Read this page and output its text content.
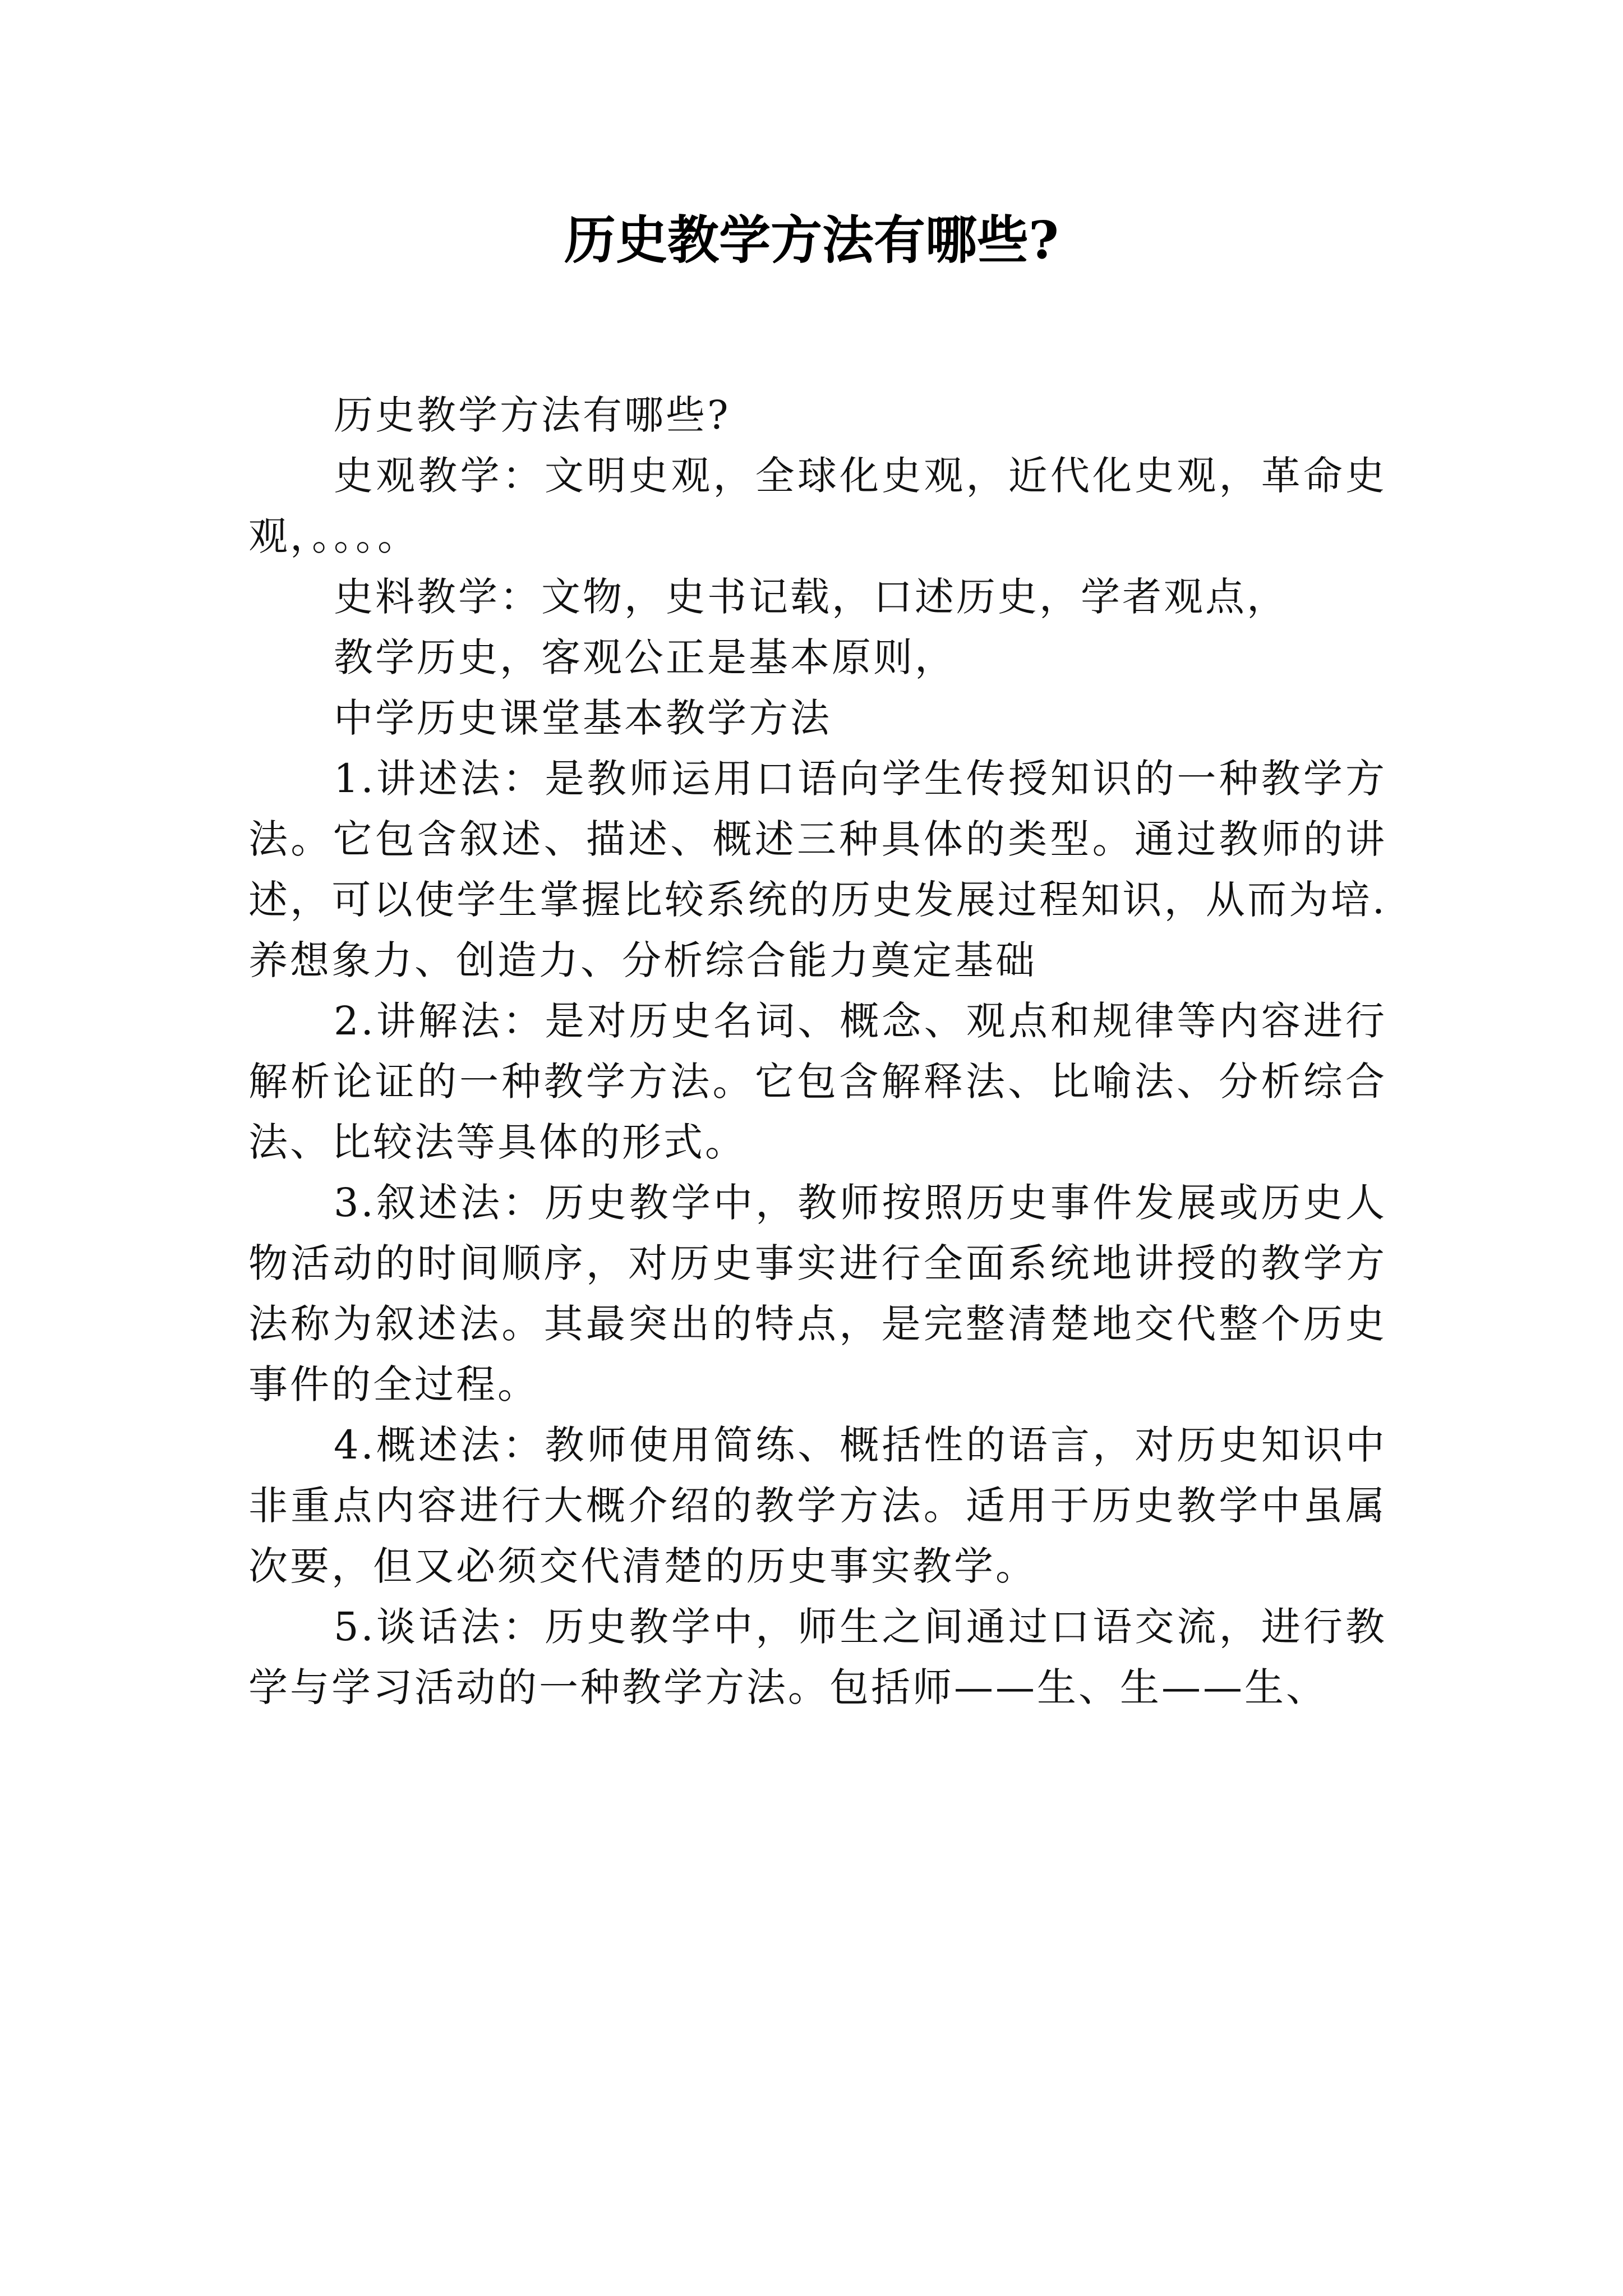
历史教学方法有哪些?

历史教学方法有哪些?

史观教学：文明史观，全球化史观，近代化史观，革命史观，。。。。

史料教学：文物，史书记载，口述历史，学者观点，

教学历史，客观公正是基本原则，

中学历史课堂基本教学方法

1.讲述法：是教师运用口语向学生传授知识的一种教学方法。它包含叙述、描述、概述三种具体的类型。通过教师的讲述，可以使学生掌握比较系统的历史发展过程知识，从而为培.养想象力、创造力、分析综合能力奠定基础

2.讲解法：是对历史名词、概念、观点和规律等内容进行解析论证的一种教学方法。它包含解释法、比喻法、分析综合法、比较法等具体的形式。

3.叙述法：历史教学中，教师按照历史事件发展或历史人物活动的时间顺序，对历史事实进行全面系统地讲授的教学方法称为叙述法。其最突出的特点，是完整清楚地交代整个历史事件的全过程。

4.概述法：教师使用简练、概括性的语言，对历史知识中非重点内容进行大概介绍的教学方法。适用于历史教学中虽属次要，但又必须交代清楚的历史事实教学。

5.谈话法：历史教学中，师生之间通过口语交流，进行教学与学习活动的一种教学方法。包括师——生、生——生、
